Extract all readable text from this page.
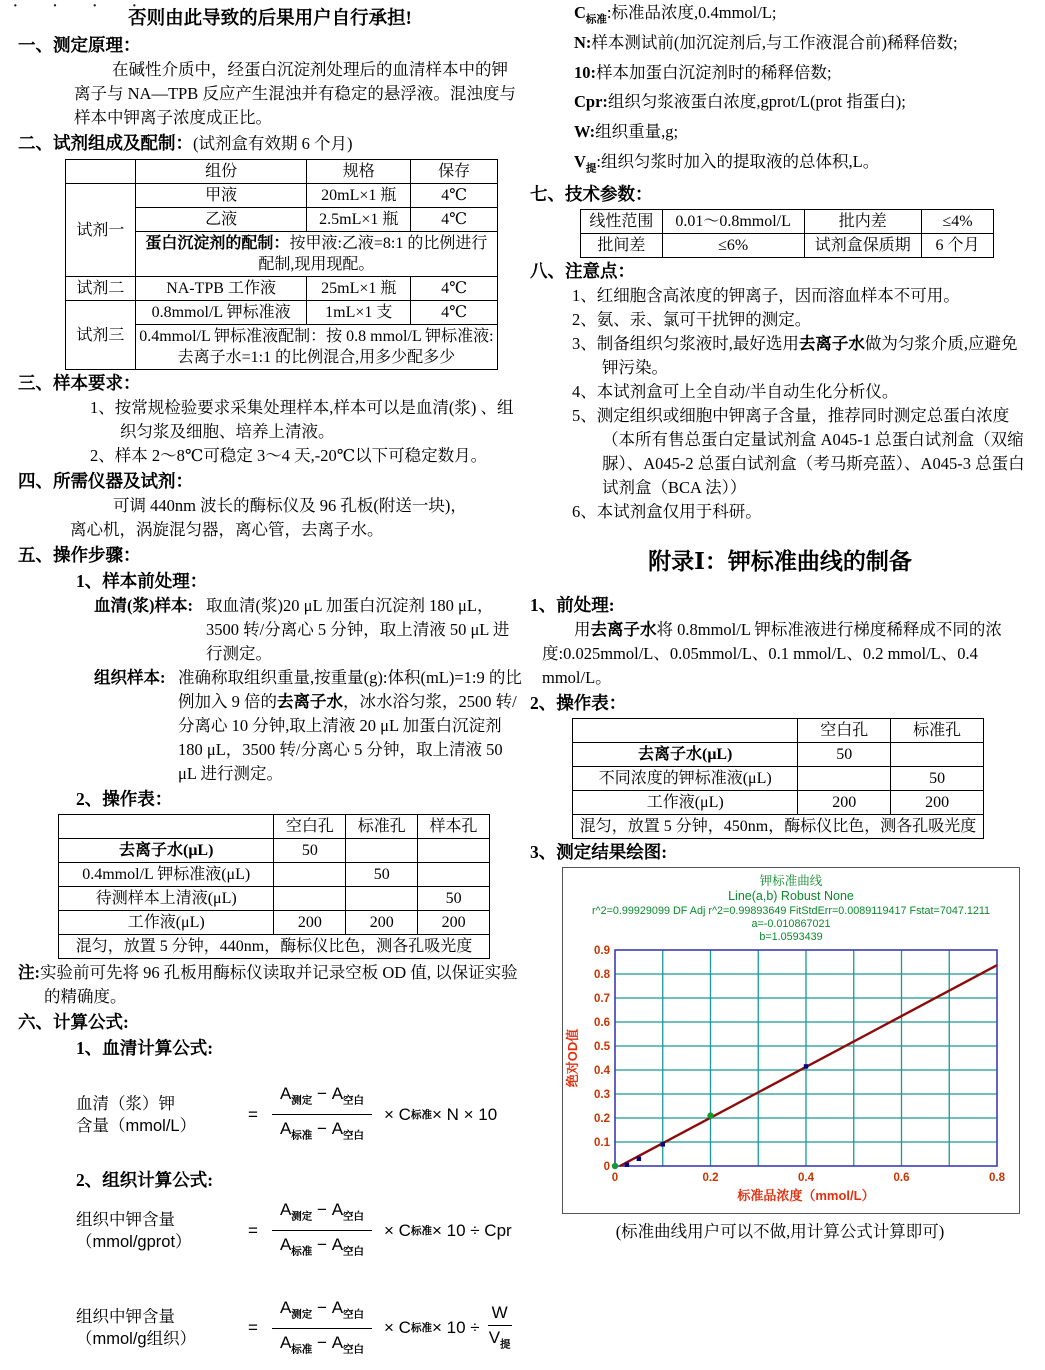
· · · ·
否则由此导致的后果用户自行承担!
一、测定原理：
在碱性介质中，经蛋白沉淀剂处理后的血清样本中的钾离子与 NA—TPB 反应产生混浊并有稳定的悬浮液。混浊度与样本中钾离子浓度成正比。
二、试剂组成及配制：(试剂盒有效期 6 个月)
	组份	规格	保存
试剂一	甲液	20mL×1 瓶	4℃
	乙液	2.5mL×1 瓶	4℃
	蛋白沉淀剂的配制：按甲液:乙液=8:1 的比例进行配制,现用现配。		
试剂二	NA-TPB 工作液	25mL×1 瓶	4℃
试剂三	0.8mmol/L 钾标准液	1mL×1 支	4℃
	0.4mmol/L 钾标准液配制：按 0.8 mmol/L 钾标准液:去离子水=1:1 的比例混合,用多少配多少		
三、样本要求：
1、按常规检验要求采集处理样本,样本可以是血清(浆) 、组织匀浆及细胞、培养上清液。
2、样本 2～8℃可稳定 3～4 天,-20℃以下可稳定数月。
四、所需仪器及试剂：
可调 440nm 波长的酶标仪及 96 孔板(附送一块)，
离心机，涡旋混匀器，离心管，去离子水。
五、操作步骤：
1、样本前处理：
血清(浆)样本: 取血清(浆)20 μL 加蛋白沉淀剂 180 μL，3500 转/分离心 5 分钟，取上清液 50 μL 进行测定。
组织样本: 准确称取组织重量,按重量(g):体积(mL)=1:9 的比例加入 9 倍的去离子水，冰水浴匀浆，2500 转/分离心 10 分钟,取上清液 20 μL 加蛋白沉淀剂 180 μL，3500 转/分离心 5 分钟，取上清液 50 μL 进行测定。
2、操作表：
	空白孔	标准孔	样本孔
去离子水(μL)	50		
0.4mmol/L 钾标准液(μL)		50	
待测样本上清液(μL)			50
工作液(μL)	200	200	200
混匀，放置 5 分钟，440nm，酶标仪比色，测各孔吸光度			
注:实验前可先将 96 孔板用酶标仪读取并记录空板 OD 值, 以保证实验的精确度。
六、计算公式:
1、血清计算公式:
血清（浆）钾
含量（mmol/L）
= $\frac{A_{测定} - A_{空白}}{A_{标准} - A_{空白}} \times C$ 标准 × N × 10
2、组织计算公式:
组织中钾含量
（mmol/gprot）
= $\frac{A_{测定} - A_{空白}}{A_{标准} - A_{空白}} \times C$ 标准 × 10 ÷ Cpr
组织中钾含量
（mmol/g组织）
= $\frac{A_{测定} - A_{空白}}{A_{标准} - A_{空白}} \times C$ 标准 × $10 \div \frac{W}{V_提}$
$C_{标准}$:标准品浓度,0.4mmol/L;
N:样本测试前(加沉淀剂后,与工作液混合前)稀释倍数;
10:样本加蛋白沉淀剂时的稀释倍数;
Cpr:组织匀浆液蛋白浓度,gprot/L(prot 指蛋白);
W:组织重量,g;
$V_提$:组织匀浆时加入的提取液的总体积,L。
七、技术参数：
线性范围	0.01～0.8mmol/L	批内差	≤4%
批间差	≤6%	试剂盒保质期	6 个月
八、注意点：
1、红细胞含高浓度的钾离子，因而溶血样本不可用。
2、氨、汞、氯可干扰钾的测定。
3、制备组织匀浆液时,最好选用去离子水做为匀浆介质,应避免钾污染。
4、本试剂盒可上全自动/半自动生化分析仪。
5、测定组织或细胞中钾离子含量，推荐同时测定总蛋白浓度（本所有售总蛋白定量试剂盒 A045-1 总蛋白试剂盒（双缩脲）、A045-2 总蛋白试剂盒（考马斯亮蓝）、A045-3 总蛋白试剂盒（BCA 法））
6、本试剂盒仅用于科研。
附录Ⅰ：钾标准曲线的制备
1、前处理:
用去离子水将 0.8mmol/L 钾标准液进行梯度稀释成不同的浓度:0.025mmol/L、0.05mmol/L、0.1 mmol/L、0.2 mmol/L、0.4 mmol/L。
2、操作表：
	空白孔	标准孔
去离子水(μL)	50	
不同浓度的钾标准液(μL)		50
工作液(μL)	200	200
混匀，放置 5 分钟，450nm，酶标仪比色，测各孔吸光度		
3、测定结果绘图:
钾标准曲线
Line(a,b) Robust None
r^2=0.99929099 DF Adj r^2=0.99893649 FitStdErr=0.0089119417 Fstat=7047.1211
a=-0.010867021
b=1.0593439
0
0.1
0.2
0.3
0.4
0.5
0.6
0.7
0.8
0.9
0	0.2	0.4	0.6	0.8
标准品浓度（mmol/L）
绝对OD值
(标准曲线用户可以不做,用计算公式计算即可)
